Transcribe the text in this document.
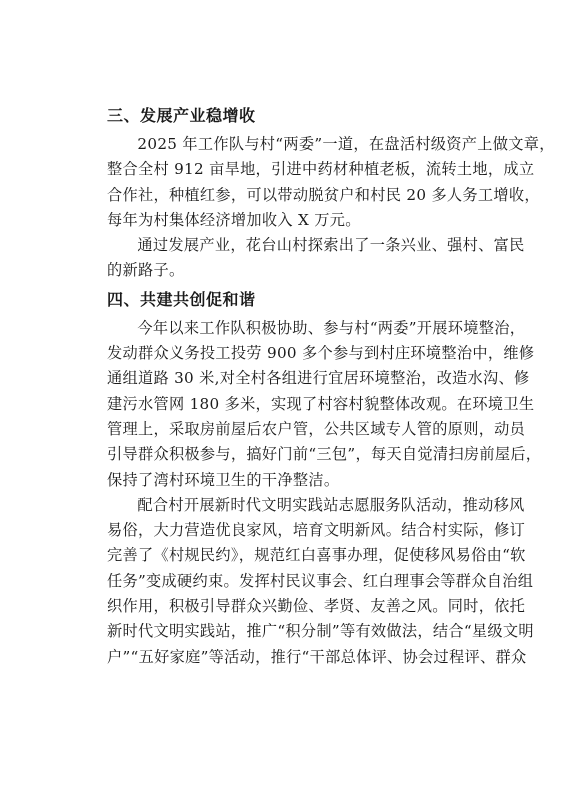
三、发展产业稳增收
2025 年工作队与村“两委”一道，在盘活村级资产上做文章，
整合全村 912 亩旱地，引进中药材种植老板，流转土地，成立
合作社，种植红参，可以带动脱贫户和村民 20 多人务工增收，
每年为村集体经济增加收入 X 万元。
通过发展产业，花台山村探索出了一条兴业、强村、富民
的新路子。
四、共建共创促和谐
今年以来工作队积极协助、参与村“两委”开展环境整治，
发动群众义务投工投劳 900 多个参与到村庄环境整治中，维修
通组道路 30 米,对全村各组进行宜居环境整治，改造水沟、修
建污水管网 180 多米，实现了村容村貌整体改观。在环境卫生
管理上，采取房前屋后农户管，公共区域专人管的原则，动员
引导群众积极参与，搞好门前“三包”，每天自觉清扫房前屋后，
保持了湾村环境卫生的干净整洁。
配合村开展新时代文明实践站志愿服务队活动，推动移风
易俗，大力营造优良家风，培育文明新风。结合村实际，修订
完善了《村规民约》，规范红白喜事办理，促使移风易俗由“软
任务”变成硬约束。发挥村民议事会、红白理事会等群众自治组
织作用，积极引导群众兴勤俭、孝贤、友善之风。同时，依托
新时代文明实践站，推广“积分制”等有效做法，结合“星级文明
户”“五好家庭”等活动，推行“干部总体评、协会过程评、群众
